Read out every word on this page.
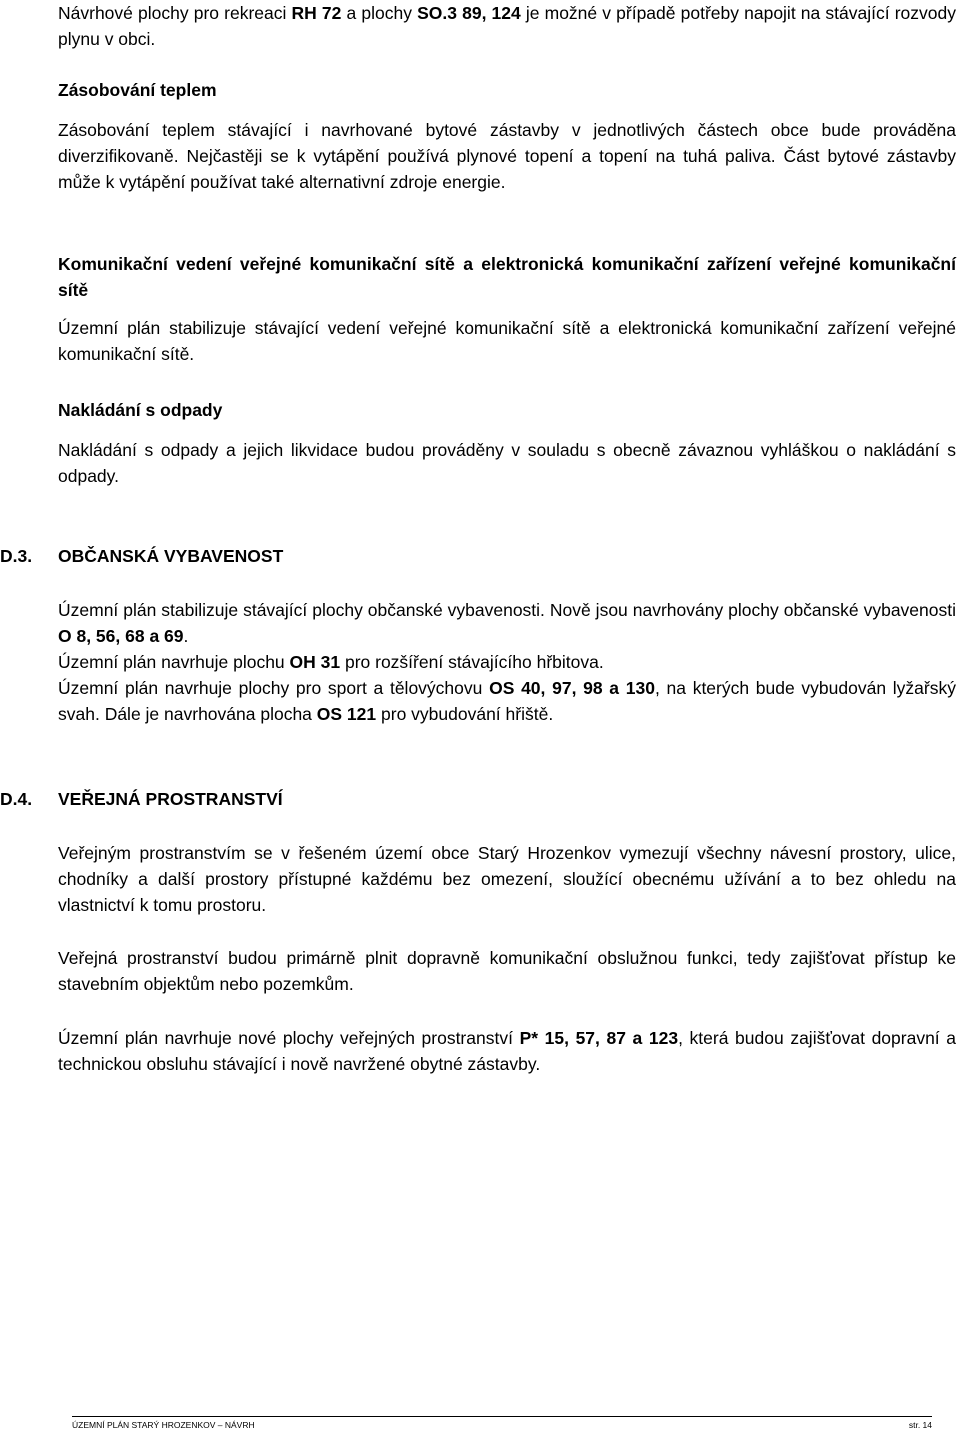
Návrhové plochy pro rekreaci RH 72 a plochy SO.3 89, 124 je možné v případě potřeby napojit na stávající rozvody plynu v obci.

Zásobování teplem

Zásobování teplem stávající i navrhované bytové zástavby v jednotlivých částech obce bude prováděna diverzifikovaně. Nejčastěji se k vytápění používá plynové topení a topení na tuhá paliva. Část bytové zástavby může k vytápění používat také alternativní zdroje energie.

Komunikační vedení veřejné komunikační sítě a elektronická komunikační zařízení veřejné komunikační sítě

Územní plán stabilizuje stávající vedení veřejné komunikační sítě a elektronická komunikační zařízení veřejné komunikační sítě.

Nakládání s odpady

Nakládání s odpady a jejich likvidace budou prováděny v souladu s obecně závaznou vyhláškou o nakládání s odpady.

D.3. OBČANSKÁ VYBAVENOST

Územní plán stabilizuje stávající plochy občanské vybavenosti. Nově jsou navrhovány plochy občanské vybavenosti O 8, 56, 68 a 69.

Územní plán navrhuje plochu OH 31 pro rozšíření stávajícího hřbitova.

Územní plán navrhuje plochy pro sport a tělovýchovu OS 40, 97, 98 a 130, na kterých bude vybudován lyžařský svah. Dále je navrhována plocha OS 121 pro vybudování hřiště.

D.4. VEŘEJNÁ PROSTRANSTVÍ

Veřejným prostranstvím se v řešeném území obce Starý Hrozenkov vymezují všechny návesní prostory, ulice, chodníky a další prostory přístupné každému bez omezení, sloužící obecnému užívání a to bez ohledu na vlastnictví k tomu prostoru.

Veřejná prostranství budou primárně plnit dopravně komunikační obslužnou funkci, tedy zajišťovat přístup ke stavebním objektům nebo pozemkům.

Územní plán navrhuje nové plochy veřejných prostranství P* 15, 57, 87 a 123, která budou zajišťovat dopravní a technickou obsluhu stávající i nově navržené obytné zástavby.

ÚZEMNÍ PLÁN STARÝ HROZENKOV – NÁVRH	str. 14
